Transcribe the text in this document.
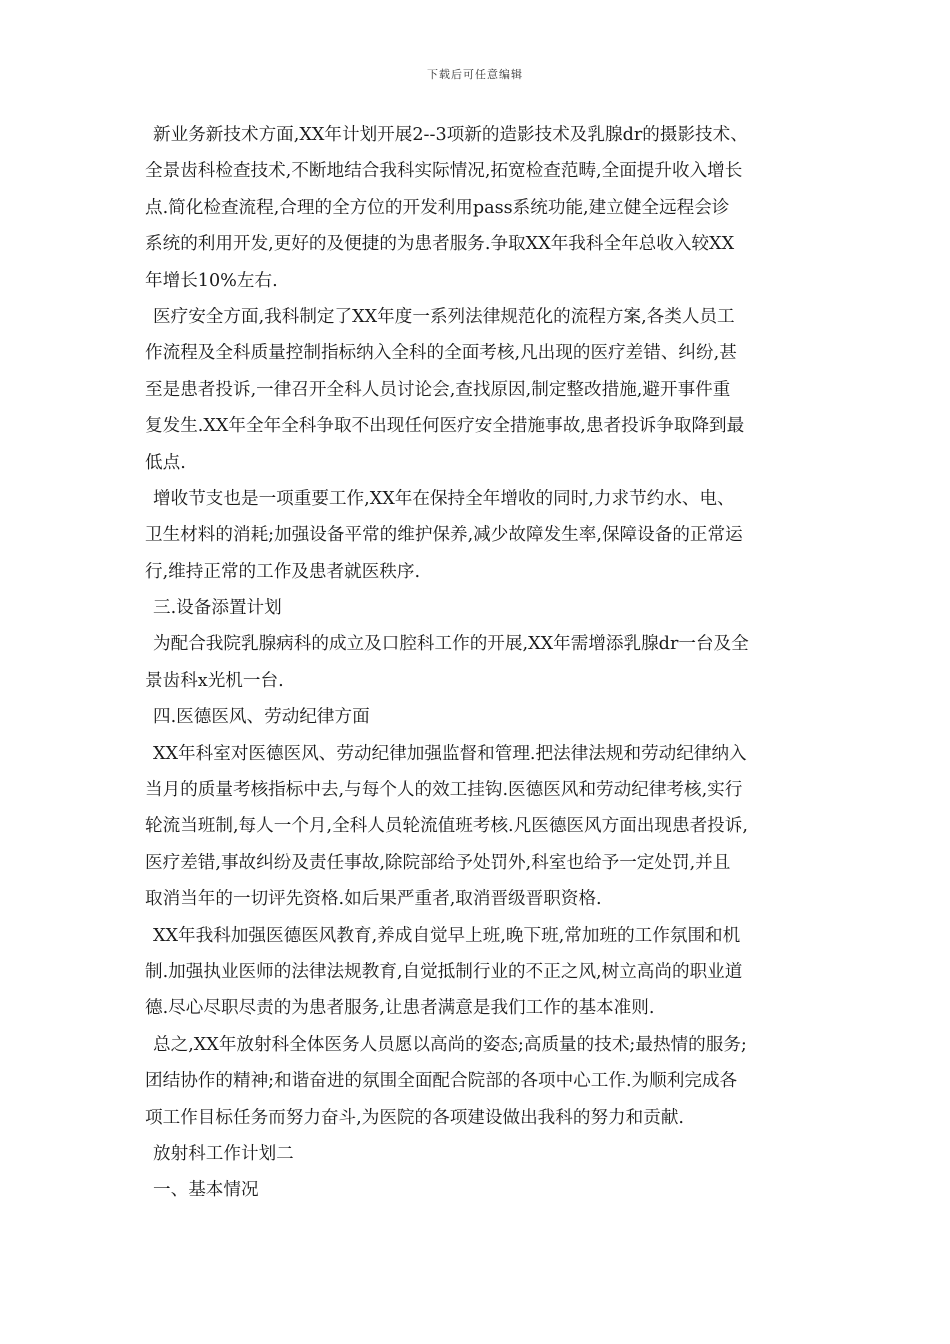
下载后可任意编辑
新业务新技术方面,XX年计划开展2--3项新的造影技术及乳腺dr的摄影技术、
全景齿科检查技术,不断地结合我科实际情况,拓宽检查范畴,全面提升收入增长
点.简化检查流程,合理的全方位的开发利用pass系统功能,建立健全远程会诊
系统的利用开发,更好的及便捷的为患者服务.争取XX年我科全年总收入较XX
年增长10%左右.
医疗安全方面,我科制定了XX年度一系列法律规范化的流程方案,各类人员工
作流程及全科质量控制指标纳入全科的全面考核,凡出现的医疗差错、纠纷,甚
至是患者投诉,一律召开全科人员讨论会,查找原因,制定整改措施,避开事件重
复发生.XX年全年全科争取不出现任何医疗安全措施事故,患者投诉争取降到最
低点.
增收节支也是一项重要工作,XX年在保持全年增收的同时,力求节约水、电、
卫生材料的消耗;加强设备平常的维护保养,减少故障发生率,保障设备的正常运
行,维持正常的工作及患者就医秩序.
三.设备添置计划
为配合我院乳腺病科的成立及口腔科工作的开展,XX年需增添乳腺dr一台及全
景齿科x光机一台.
四.医德医风、劳动纪律方面
XX年科室对医德医风、劳动纪律加强监督和管理.把法律法规和劳动纪律纳入
当月的质量考核指标中去,与每个人的效工挂钩.医德医风和劳动纪律考核,实行
轮流当班制,每人一个月,全科人员轮流值班考核.凡医德医风方面出现患者投诉,
医疗差错,事故纠纷及责任事故,除院部给予处罚外,科室也给予一定处罚,并且
取消当年的一切评先资格.如后果严重者,取消晋级晋职资格.
XX年我科加强医德医风教育,养成自觉早上班,晚下班,常加班的工作氛围和机
制.加强执业医师的法律法规教育,自觉抵制行业的不正之风,树立高尚的职业道
德.尽心尽职尽责的为患者服务,让患者满意是我们工作的基本准则.
总之,XX年放射科全体医务人员愿以高尚的姿态;高质量的技术;最热情的服务;
团结协作的精神;和谐奋进的氛围全面配合院部的各项中心工作.为顺利完成各
项工作目标任务而努力奋斗,为医院的各项建设做出我科的努力和贡献.
放射科工作计划二
一、基本情况
